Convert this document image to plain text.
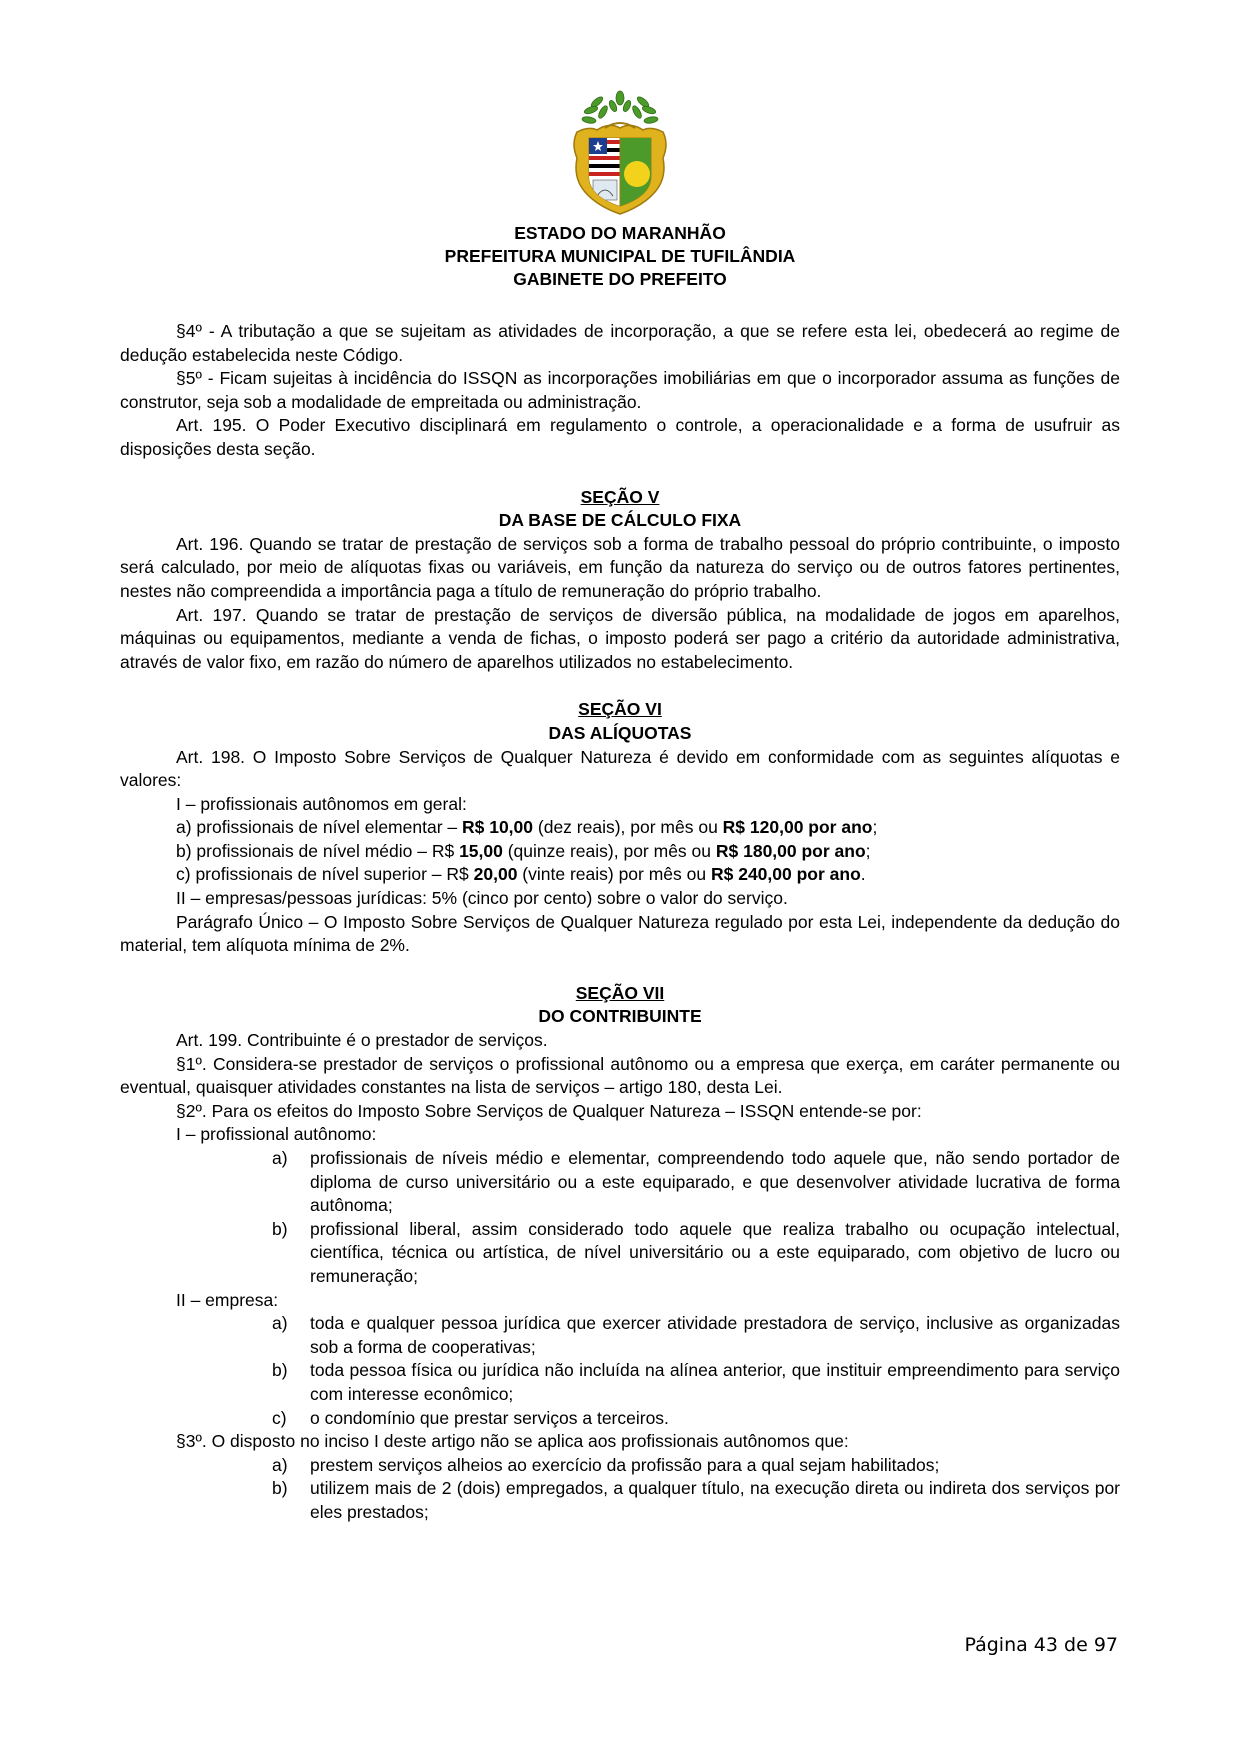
ESTADO DO MARANHÃO
PREFEITURA MUNICIPAL DE TUFILÂNDIA
GABINETE DO PREFEITO

§4º - A tributação a que se sujeitam as atividades de incorporação, a que se refere esta lei, obedecerá ao regime de dedução estabelecida neste Código.

§5º - Ficam sujeitas à incidência do ISSQN as incorporações imobiliárias em que o incorporador assuma as funções de construtor, seja sob a modalidade de empreitada ou administração.

Art. 195. O Poder Executivo disciplinará em regulamento o controle, a operacionalidade e a forma de usufruir as disposições desta seção.

SEÇÃO V
DA BASE DE CÁLCULO FIXA

Art. 196. Quando se tratar de prestação de serviços sob a forma de trabalho pessoal do próprio contribuinte, o imposto será calculado, por meio de alíquotas fixas ou variáveis, em função da natureza do serviço ou de outros fatores pertinentes, nestes não compreendida a importância paga a título de remuneração do próprio trabalho.

Art. 197. Quando se tratar de prestação de serviços de diversão pública, na modalidade de jogos em aparelhos, máquinas ou equipamentos, mediante a venda de fichas, o imposto poderá ser pago a critério da autoridade administrativa, através de valor fixo, em razão do número de aparelhos utilizados no estabelecimento.

SEÇÃO VI
DAS ALÍQUOTAS

Art. 198. O Imposto Sobre Serviços de Qualquer Natureza é devido em conformidade com as seguintes alíquotas e valores:

I – profissionais autônomos em geral:

a) profissionais de nível elementar – R$ 10,00 (dez reais), por mês ou R$ 120,00 por ano;

b) profissionais de nível médio – R$ 15,00 (quinze reais), por mês ou R$ 180,00 por ano;

c) profissionais de nível superior – R$ 20,00 (vinte reais) por mês ou R$ 240,00 por ano.

II – empresas/pessoas jurídicas: 5% (cinco por cento) sobre o valor do serviço.

Parágrafo Único – O Imposto Sobre Serviços de Qualquer Natureza regulado por esta Lei, independente da dedução do material, tem alíquota mínima de 2%.

SEÇÃO VII
DO CONTRIBUINTE

Art. 199. Contribuinte é o prestador de serviços.

§1º. Considera-se prestador de serviços o profissional autônomo ou a empresa que exerça, em caráter permanente ou eventual, quaisquer atividades constantes na lista de serviços – artigo 180, desta Lei.

§2º. Para os efeitos do Imposto Sobre Serviços de Qualquer Natureza – ISSQN entende-se por:

I – profissional autônomo:

a)	profissionais de níveis médio e elementar, compreendendo todo aquele que, não sendo portador de diploma de curso universitário ou a este equiparado, e que desenvolver atividade lucrativa de forma autônoma;
b)	profissional liberal, assim considerado todo aquele que realiza trabalho ou ocupação intelectual, científica, técnica ou artística, de nível universitário ou a este equiparado, com objetivo de lucro ou remuneração;

II – empresa:

a)	toda e qualquer pessoa jurídica que exercer atividade prestadora de serviço, inclusive as organizadas sob a forma de cooperativas;
b)	toda pessoa física ou jurídica não incluída na alínea anterior, que instituir empreendimento para serviço com interesse econômico;
c)	o condomínio que prestar serviços a terceiros.

§3º. O disposto no inciso I deste artigo não se aplica aos profissionais autônomos que:

a)	prestem serviços alheios ao exercício da profissão para a qual sejam habilitados;
b)	utilizem mais de 2 (dois) empregados, a qualquer título, na execução direta ou indireta dos serviços por eles prestados;
Página 43 de 97
